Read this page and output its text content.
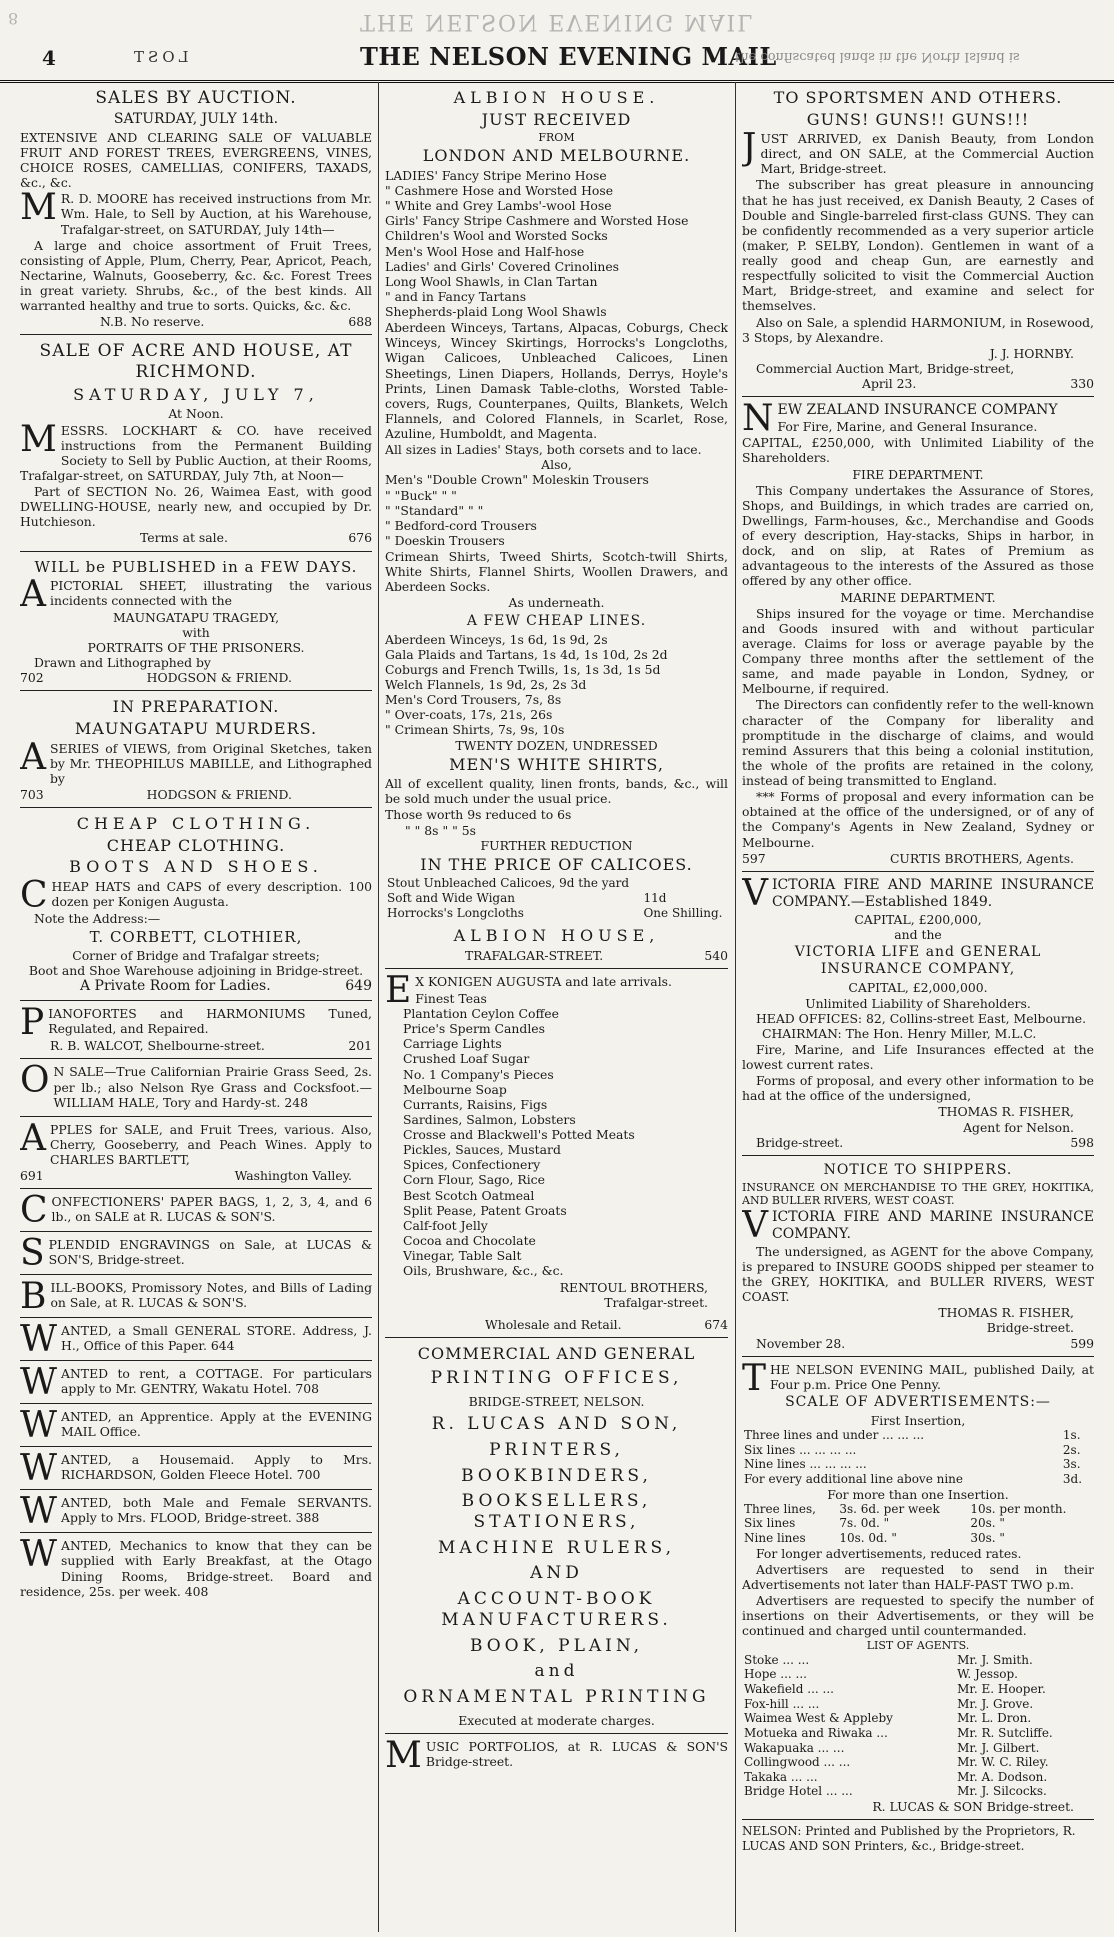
8	THE NELSON EVENING MAIL
4	LOST	THE NELSON EVENING MAIL
the confiscated lands in the North Island is
SALES BY AUCTION.
SATURDAY, JULY 14th.

EXTENSIVE AND CLEARING SALE OF VALUABLE FRUIT AND FOREST TREES, EVERGREENS, VINES, CHOICE ROSES, CAMELLIAS, CONIFERS, TAXADS, &c., &c.

M R. D. MOORE has received instructions from Mr. Wm. Hale, to Sell by Auction, at his Warehouse, Trafalgar-street, on SATURDAY, July 14th—

A large and choice assortment of Fruit Trees, consisting of Apple, Plum, Cherry, Pear, Apricot, Peach, Nectarine, Walnuts, Gooseberry, &c. &c. Forest Trees in great variety. Shrubs, &c., of the best kinds. All warranted healthy and true to sorts. Quicks, &c. &c.

N.B. No reserve.	688
SALE OF ACRE AND HOUSE, AT RICHMOND.
SATURDAY, JULY 7,
At Noon.

MESSRS. LOCKHART & CO. have received instructions from the Permanent Building Society to Sell by Public Auction, at their Rooms, Trafalgar-street, on SATURDAY, July 7th, at Noon—

Part of SECTION No. 26, Waimea East, with good DWELLING-HOUSE, nearly new, and occupied by Dr. Hutchieson.

Terms at sale.	676
WILL be PUBLISHED in a FEW DAYS.

APICTORIAL SHEET, illustrating the various incidents connected with the

MAUNGATAPU TRAGEDY,
with
PORTRAITS OF THE PRISONERS.
Drawn and Lithographed by
702	HODGSON & FRIEND.
IN PREPARATION.
MAUNGATAPU MURDERS.

ASERIES of VIEWS, from Original Sketches, taken by Mr. THEOPHILUS MABILLE, and Lithographed by

703	HODGSON & FRIEND.
CHEAP CLOTHING.
CHEAP CLOTHING.
BOOTS AND SHOES.

CHEAP HATS and CAPS of every description. 100 dozen per Konigen Augusta.

Note the Address:—
T. CORBETT, CLOTHIER,
Corner of Bridge and Trafalgar streets;
Boot and Shoe Warehouse adjoining in Bridge-street.
A Private Room for Ladies.	649

PIANOFORTES and HARMONIUMS Tuned, Regulated, and Repaired.

R. B. WALCOT, Shelbourne-street.	201

O N SALE—True Californian Prairie Grass Seed, 2s. per lb.; also Nelson Rye Grass and Cocksfoot.—WILLIAM HALE, Tory and Hardy-st. 248

APPLES for SALE, and Fruit Trees, various. Also, Cherry, Gooseberry, and Peach Wines. Apply to CHARLES BARTLETT,

691	Washington Valley.

CONFECTIONERS' PAPER BAGS, 1, 2, 3, 4, and 6 lb., on SALE at R. LUCAS & SON'S.

SPLENDID ENGRAVINGS on Sale, at LUCAS & SON'S, Bridge-street.

BILL-BOOKS, Promissory Notes, and Bills of Lading on Sale, at R. LUCAS & SON'S.

WANTED, a Small GENERAL STORE. Address, J. H., Office of this Paper. 644

WANTED to rent, a COTTAGE. For particulars apply to Mr. GENTRY, Wakatu Hotel. 708

WANTED, an Apprentice. Apply at the EVENING MAIL Office.

WANTED, a Housemaid. Apply to Mrs. RICHARDSON, Golden Fleece Hotel. 700

WANTED, both Male and Female SERVANTS. Apply to Mrs. FLOOD, Bridge-street. 388

WANTED, Mechanics to know that they can be supplied with Early Breakfast, at the Otago Dining Rooms, Bridge-street. Board and residence, 25s. per week. 408

ALBION HOUSE.
JUST RECEIVED
FROM
LONDON AND MELBOURNE.
LADIES' Fancy Stripe Merino Hose
" Cashmere Hose and Worsted Hose
" White and Grey Lambs'-wool Hose
Girls' Fancy Stripe Cashmere and Worsted Hose
Children's Wool and Worsted Socks
Men's Wool Hose and Half-hose
Ladies' and Girls' Covered Crinolines
Long Wool Shawls, in Clan Tartan
" and in Fancy Tartans
Shepherds-plaid Long Wool Shawls

Aberdeen Winceys, Tartans, Alpacas, Coburgs, Check Winceys, Wincey Skirtings, Horrocks's Longcloths, Wigan Calicoes, Unbleached Calicoes, Linen Sheetings, Linen Diapers, Hollands, Derrys, Hoyle's Prints, Linen Damask Table-cloths, Worsted Table-covers, Rugs, Counterpanes, Quilts, Blankets, Welch Flannels, and Colored Flannels, in Scarlet, Rose, Azuline, Humboldt, and Magenta.

All sizes in Ladies' Stays, both corsets and to lace.
Also,
Men's "Double Crown" Moleskin Trousers
" "Buck" " "
" "Standard" " "
" Bedford-cord Trousers
" Doeskin Trousers

Crimean Shirts, Tweed Shirts, Scotch-twill Shirts, White Shirts, Flannel Shirts, Woollen Drawers, and Aberdeen Socks.

As underneath.
A FEW CHEAP LINES.
Aberdeen Winceys, 1s 6d, 1s 9d, 2s
Gala Plaids and Tartans, 1s 4d, 1s 10d, 2s 2d
Coburgs and French Twills, 1s, 1s 3d, 1s 5d
Welch Flannels, 1s 9d, 2s, 2s 3d
Men's Cord Trousers, 7s, 8s
" Over-coats, 17s, 21s, 26s
" Crimean Shirts, 7s, 9s, 10s
TWENTY DOZEN, UNDRESSED
MEN'S WHITE SHIRTS,

All of excellent quality, linen fronts, bands, &c., will be sold much under the usual price.

Those worth 9s reduced to 6s
" " 8s " " 5s
FURTHER REDUCTION
IN THE PRICE OF CALICOES.
Stout Unbleached Calicoes, 9d the yard	
Soft and Wide Wigan	11d
Horrocks's Longcloths	One Shilling.
ALBION HOUSE,
TRAFALGAR-STREET.	540

E X KONIGEN AUGUSTA and late arrivals.

Finest Teas
Plantation Ceylon Coffee
Price's Sperm Candles
Carriage Lights
Crushed Loaf Sugar
No. 1 Company's Pieces
Melbourne Soap
Currants, Raisins, Figs
Sardines, Salmon, Lobsters
Crosse and Blackwell's Potted Meats
Pickles, Sauces, Mustard
Spices, Confectionery
Corn Flour, Sago, Rice
Best Scotch Oatmeal
Split Pease, Patent Groats
Calf-foot Jelly
Cocoa and Chocolate
Vinegar, Table Salt
Oils, Brushware, &c., &c.
RENTOUL BROTHERS,
Trafalgar-street.
Wholesale and Retail.	674
COMMERCIAL AND GENERAL
PRINTING OFFICES,
BRIDGE-STREET, NELSON.
R. LUCAS AND SON,
PRINTERS,
BOOKBINDERS,
BOOKSELLERS, STATIONERS,
MACHINE RULERS,
AND
ACCOUNT-BOOK MANUFACTURERS.
BOOK, PLAIN,
and
ORNAMENTAL PRINTING
Executed at moderate charges.

MUSIC PORTFOLIOS, at R. LUCAS & SON'S Bridge-street.

TO SPORTSMEN AND OTHERS.
GUNS! GUNS!! GUNS!!!

JUST ARRIVED, ex Danish Beauty, from London direct, and ON SALE, at the Commercial Auction Mart, Bridge-street.

The subscriber has great pleasure in announcing that he has just received, ex Danish Beauty, 2 Cases of Double and Single-barreled first-class GUNS. They can be confidently recommended as a very superior article (maker, P. SELBY, London). Gentlemen in want of a really good and cheap Gun, are earnestly and respectfully solicited to visit the Commercial Auction Mart, Bridge-street, and examine and select for themselves.

Also on Sale, a splendid HARMONIUM, in Rosewood, 3 Stops, by Alexandre.

J. J. HORNBY.
Commercial Auction Mart, Bridge-street,
April 23.	330

NEW ZEALAND INSURANCE COMPANY
For Fire, Marine, and General Insurance.

CAPITAL, £250,000, with Unlimited Liability of the Shareholders.

FIRE DEPARTMENT.

This Company undertakes the Assurance of Stores, Shops, and Buildings, in which trades are carried on, Dwellings, Farm-houses, &c., Merchandise and Goods of every description, Hay-stacks, Ships in harbor, in dock, and on slip, at Rates of Premium as advantageous to the interests of the Assured as those offered by any other office.

MARINE DEPARTMENT.

Ships insured for the voyage or time. Merchandise and Goods insured with and without particular average. Claims for loss or average payable by the Company three months after the settlement of the same, and made payable in London, Sydney, or Melbourne, if required.

The Directors can confidently refer to the well-known character of the Company for liberality and promptitude in the discharge of claims, and would remind Assurers that this being a colonial institution, the whole of the profits are retained in the colony, instead of being transmitted to England.

*** Forms of proposal and every information can be obtained at the office of the undersigned, or of any of the Company's Agents in New Zealand, Sydney or Melbourne.

597	CURTIS BROTHERS, Agents.

VICTORIA FIRE AND MARINE INSURANCE COMPANY.—Established 1849.

CAPITAL, £200,000,
and the
VICTORIA LIFE and GENERAL INSURANCE COMPANY,
CAPITAL, £2,000,000.
Unlimited Liability of Shareholders.
HEAD OFFICES: 82, Collins-street East, Melbourne.
CHAIRMAN: The Hon. Henry Miller, M.L.C.

Fire, Marine, and Life Insurances effected at the lowest current rates.

Forms of proposal, and every other information to be had at the office of the undersigned,

THOMAS R. FISHER,
Agent for Nelson.
Bridge-street.	598
NOTICE TO SHIPPERS.

INSURANCE ON MERCHANDISE TO THE GREY, HOKITIKA, AND BULLER RIVERS, WEST COAST.

VICTORIA FIRE AND MARINE INSURANCE COMPANY.

The undersigned, as AGENT for the above Company, is prepared to INSURE GOODS shipped per steamer to the GREY, HOKITIKA, and BULLER RIVERS, WEST COAST.

THOMAS R. FISHER,
Bridge-street.
November 28.	599

THE NELSON EVENING MAIL, published Daily, at Four p.m. Price One Penny.

SCALE OF ADVERTISEMENTS:—
First Insertion,
Three lines and under ... ... ...	1s.
Six lines ... ... ... ...	2s.
Nine lines ... ... ... ...	3s.
For every additional line above nine	3d.
For more than one Insertion.
Three lines,	3s. 6d. per week	10s. per month.
Six lines	7s. 0d. "	20s. "
Nine lines	10s. 0d. "	30s. "
For longer advertisements, reduced rates.

Advertisers are requested to send in their Advertisements not later than HALF-PAST TWO p.m.

Advertisers are requested to specify the number of insertions on their Advertisements, or they will be continued and charged until countermanded.

LIST OF AGENTS.
Stoke ... ...	Mr. J. Smith.
Hope ... ...	W. Jessop.
Wakefield ... ...	Mr. E. Hooper.
Fox-hill ... ...	Mr. J. Grove.
Waimea West & Appleby	Mr. L. Dron.
Motueka and Riwaka ...	Mr. R. Sutcliffe.
Wakapuaka ... ...	Mr. J. Gilbert.
Collingwood ... ...	Mr. W. C. Riley.
Takaka ... ...	Mr. A. Dodson.
Bridge Hotel ... ...	Mr. J. Silcocks.
R. LUCAS & SON Bridge-street.

NELSON: Printed and Published by the Proprietors, R. LUCAS AND SON Printers, &c., Bridge-street.
